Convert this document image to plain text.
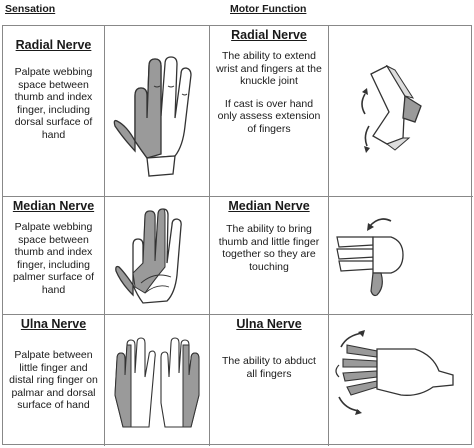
Sensation	Motor Function
Radial Nerve
Palpate webbing space between thumb and index finger, including dorsal surface of hand
Radial Nerve
The ability to extend wrist and fingers at the knuckle joint
If cast is over hand only assess extension of fingers
Median Nerve
Palpate webbing space between thumb and index finger, including palmer surface of hand
Median Nerve
The ability to bring thumb and little finger together so they are touching
Ulna Nerve
Palpate between little finger and distal ring finger on palmar and dorsal surface of hand
Ulna Nerve
The ability to abduct all fingers
